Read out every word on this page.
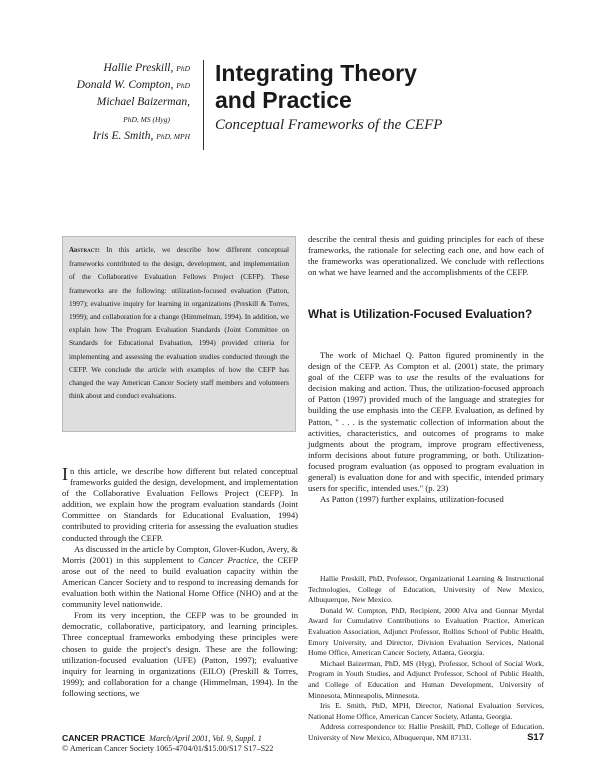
Hallie Preskill, PhD
Donald W. Compton, PhD
Michael Baizerman,
PhD, MS (Hyg)
Iris E. Smith, PhD, MPH
Integrating Theory
and Practice
Conceptual Frameworks of the CEFP
Abstract: In this article, we describe how different conceptual frameworks contributed to the design, development, and implementation of the Collaborative Evaluation Fellows Project (CEFP). These frameworks are the following: utilization-focused evaluation (Patton, 1997); evaluative inquiry for learning in organizations (Preskill & Torres, 1999); and collaboration for a change (Himmelman, 1994). In addition, we explain how The Program Evaluation Standards (Joint Committee on Standards for Educational Evaluation, 1994) provided criteria for implementing and assessing the evaluation studies conducted through the CEFP. We conclude the article with examples of how the CEFP has changed the way American Cancer Society staff members and volunteers think about and conduct evaluations.

In this article, we describe how different but related conceptual frameworks guided the design, development, and implementation of the Collaborative Evaluation Fellows Project (CEFP). In addition, we explain how the program evaluation standards (Joint Committee on Standards for Educational Evaluation, 1994) contributed to providing criteria for assessing the evaluation studies conducted through the CEFP.

As discussed in the article by Compton, Glover-Kudon, Avery, & Morris (2001) in this supplement to Cancer Practice, the CEFP arose out of the need to build evaluation capacity within the American Cancer Society and to respond to increasing demands for evaluation both within the National Home Office (NHO) and at the community level nationwide.

From its very inception, the CEFP was to be grounded in democratic, collaborative, participatory, and learning principles. Three conceptual frameworks embodying these principles were chosen to guide the project's design. These are the following: utilization-focused evaluation (UFE) (Patton, 1997); evaluative inquiry for learning in organizations (EILO) (Preskill & Torres, 1999); and collaboration for a change (Himmelman, 1994). In the following sections, we

describe the central thesis and guiding principles for each of these frameworks, the rationale for selecting each one, and how each of the frameworks was operationalized. We conclude with reflections on what we have learned and the accomplishments of the CEFP.

What is Utilization-Focused Evaluation?

The work of Michael Q. Patton figured prominently in the design of the CEFP. As Compton et al. (2001) state, the primary goal of the CEFP was to use the results of the evaluations for decision making and action. Thus, the utilization-focused approach of Patton (1997) provided much of the language and strategies for building the use emphasis into the CEFP. Evaluation, as defined by Patton, " . . . is the systematic collection of information about the activities, characteristics, and outcomes of programs to make judgments about the program, improve program effectiveness, inform decisions about future programming, or both. Utilization-focused program evaluation (as opposed to program evaluation in general) is evaluation done for and with specific, intended primary users for specific, intended uses." (p. 23)

As Patton (1997) further explains, utilization-focused

Hallie Preskill, PhD, Professor, Organizational Learning & Instructional Technologies, College of Education, University of New Mexico, Albuquerque, New Mexico.

Donald W. Compton, PhD, Recipient, 2000 Alva and Gunnar Myrdal Award for Cumulative Contributions to Evaluation Practice, American Evaluation Association, Adjunct Professor, Rollins School of Public Health, Emory University, and Director, Division Evaluation Services, National Home Office, American Cancer Society, Atlanta, Georgia.

Michael Baizerman, PhD, MS (Hyg), Professor, School of Social Work, Program in Youth Studies, and Adjunct Professor, School of Public Health, and College of Education and Human Development, University of Minnesota, Minneapolis, Minnesota.

Iris E. Smith, PhD, MPH, Director, National Evaluation Services, National Home Office, American Cancer Society, Atlanta, Georgia.

Address correspondence to: Hallie Preskill, PhD, College of Education, University of New Mexico, Albuquerque, NM 87131.

CANCER PRACTICE March/April 2001, Vol. 9, Suppl. 1
© American Cancer Society 1065-4704/01/$15.00/S17 S17–S22
S17
